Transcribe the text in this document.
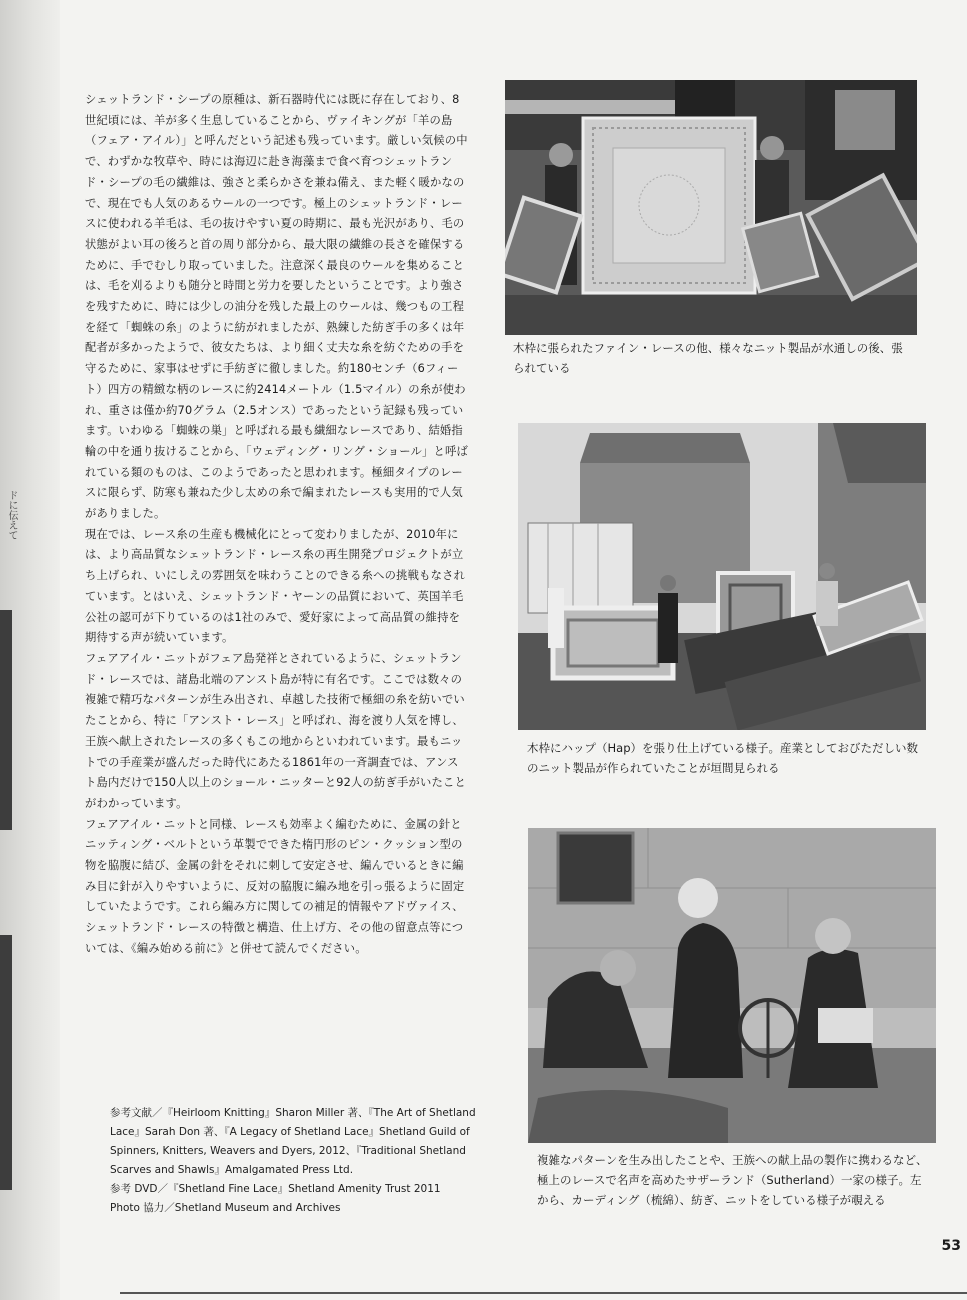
ドに伝えて

シェットランド・シープの原種は、新石器時代には既に存在しており、8世紀頃には、羊が多く生息していることから、ヴァイキングが「羊の島（フェア・アイル）」と呼んだという記述も残っています。厳しい気候の中で、わずかな牧草や、時には海辺に赴き海藻まで食べ育つシェットランド・シープの毛の繊維は、強さと柔らかさを兼ね備え、また軽く暖かなので、現在でも人気のあるウールの一つです。極上のシェットランド・レースに使われる羊毛は、毛の抜けやすい夏の時期に、最も光沢があり、毛の状態がよい耳の後ろと首の周り部分から、最大限の繊維の長さを確保するために、手でむしり取っていました。注意深く最良のウールを集めることは、毛を刈るよりも随分と時間と労力を要したということです。より強さを残すために、時には少しの油分を残した最上のウールは、幾つもの工程を経て「蜘蛛の糸」のように紡がれましたが、熟練した紡ぎ手の多くは年配者が多かったようで、彼女たちは、より細く丈夫な糸を紡ぐための手を守るために、家事はせずに手紡ぎに徹しました。約180センチ（6フィート）四方の精緻な柄のレースに約2414メートル（1.5マイル）の糸が使われ、重さは僅か約70グラム（2.5オンス）であったという記録も残っています。いわゆる「蜘蛛の巣」と呼ばれる最も繊細なレースであり、結婚指輪の中を通り抜けることから、「ウェディング・リング・ショール」と呼ばれている類のものは、このようであったと思われます。極細タイプのレースに限らず、防寒も兼ねた少し太めの糸で編まれたレースも実用的で人気がありました。

現在では、レース糸の生産も機械化にとって変わりましたが、2010年には、より高品質なシェットランド・レース糸の再生開発プロジェクトが立ち上げられ、いにしえの雰囲気を味わうことのできる糸への挑戦もなされています。とはいえ、シェットランド・ヤーンの品質において、英国羊毛公社の認可が下りているのは1社のみで、愛好家によって高品質の維持を期待する声が続いています。

フェアアイル・ニットがフェア島発祥とされているように、シェットランド・レースでは、諸島北端のアンスト島が特に有名です。ここでは数々の複雑で精巧なパターンが生み出され、卓越した技術で極細の糸を紡いでいたことから、特に「アンスト・レース」と呼ばれ、海を渡り人気を博し、王族へ献上されたレースの多くもこの地からといわれています。最もニットでの手産業が盛んだった時代にあたる1861年の一斉調査では、アンスト島内だけで150人以上のショール・ニッターと92人の紡ぎ手がいたことがわかっています。

フェアアイル・ニットと同様、レースも効率よく編むために、金属の針とニッティング・ベルトという革製でできた楕円形のピン・クッション型の物を脇腹に結び、金属の針をそれに刺して安定させ、編んでいるときに編み目に針が入りやすいように、反対の脇腹に編み地を引っ張るように固定していたようです。これら編み方に関しての補足的情報やアドヴァイス、シェットランド・レースの特徴と構造、仕上げ方、その他の留意点等については、《編み始める前に》と併せて読んでください。

参考文献／『Heirloom Knitting』Sharon Miller 著、『The Art of Shetland Lace』Sarah Don 著、『A Legacy of Shetland Lace』Shetland Guild of Spinners, Knitters, Weavers and Dyers, 2012、『Traditional Shetland Scarves and Shawls』Amalgamated Press Ltd.

参考 DVD／『Shetland Fine Lace』Shetland Amenity Trust 2011

Photo 協力／Shetland Museum and Archives

木枠に張られたファイン・レースの他、様々なニット製品が水通しの後、張られている
木枠にハップ（Hap）を張り仕上げている様子。産業としておびただしい数のニット製品が作られていたことが垣間見られる
複雑なパターンを生み出したことや、王族への献上品の製作に携わるなど、極上のレースで名声を高めたサザーランド（Sutherland）一家の様子。左から、カーディング（梳綿）、紡ぎ、ニットをしている様子が覗える
53
